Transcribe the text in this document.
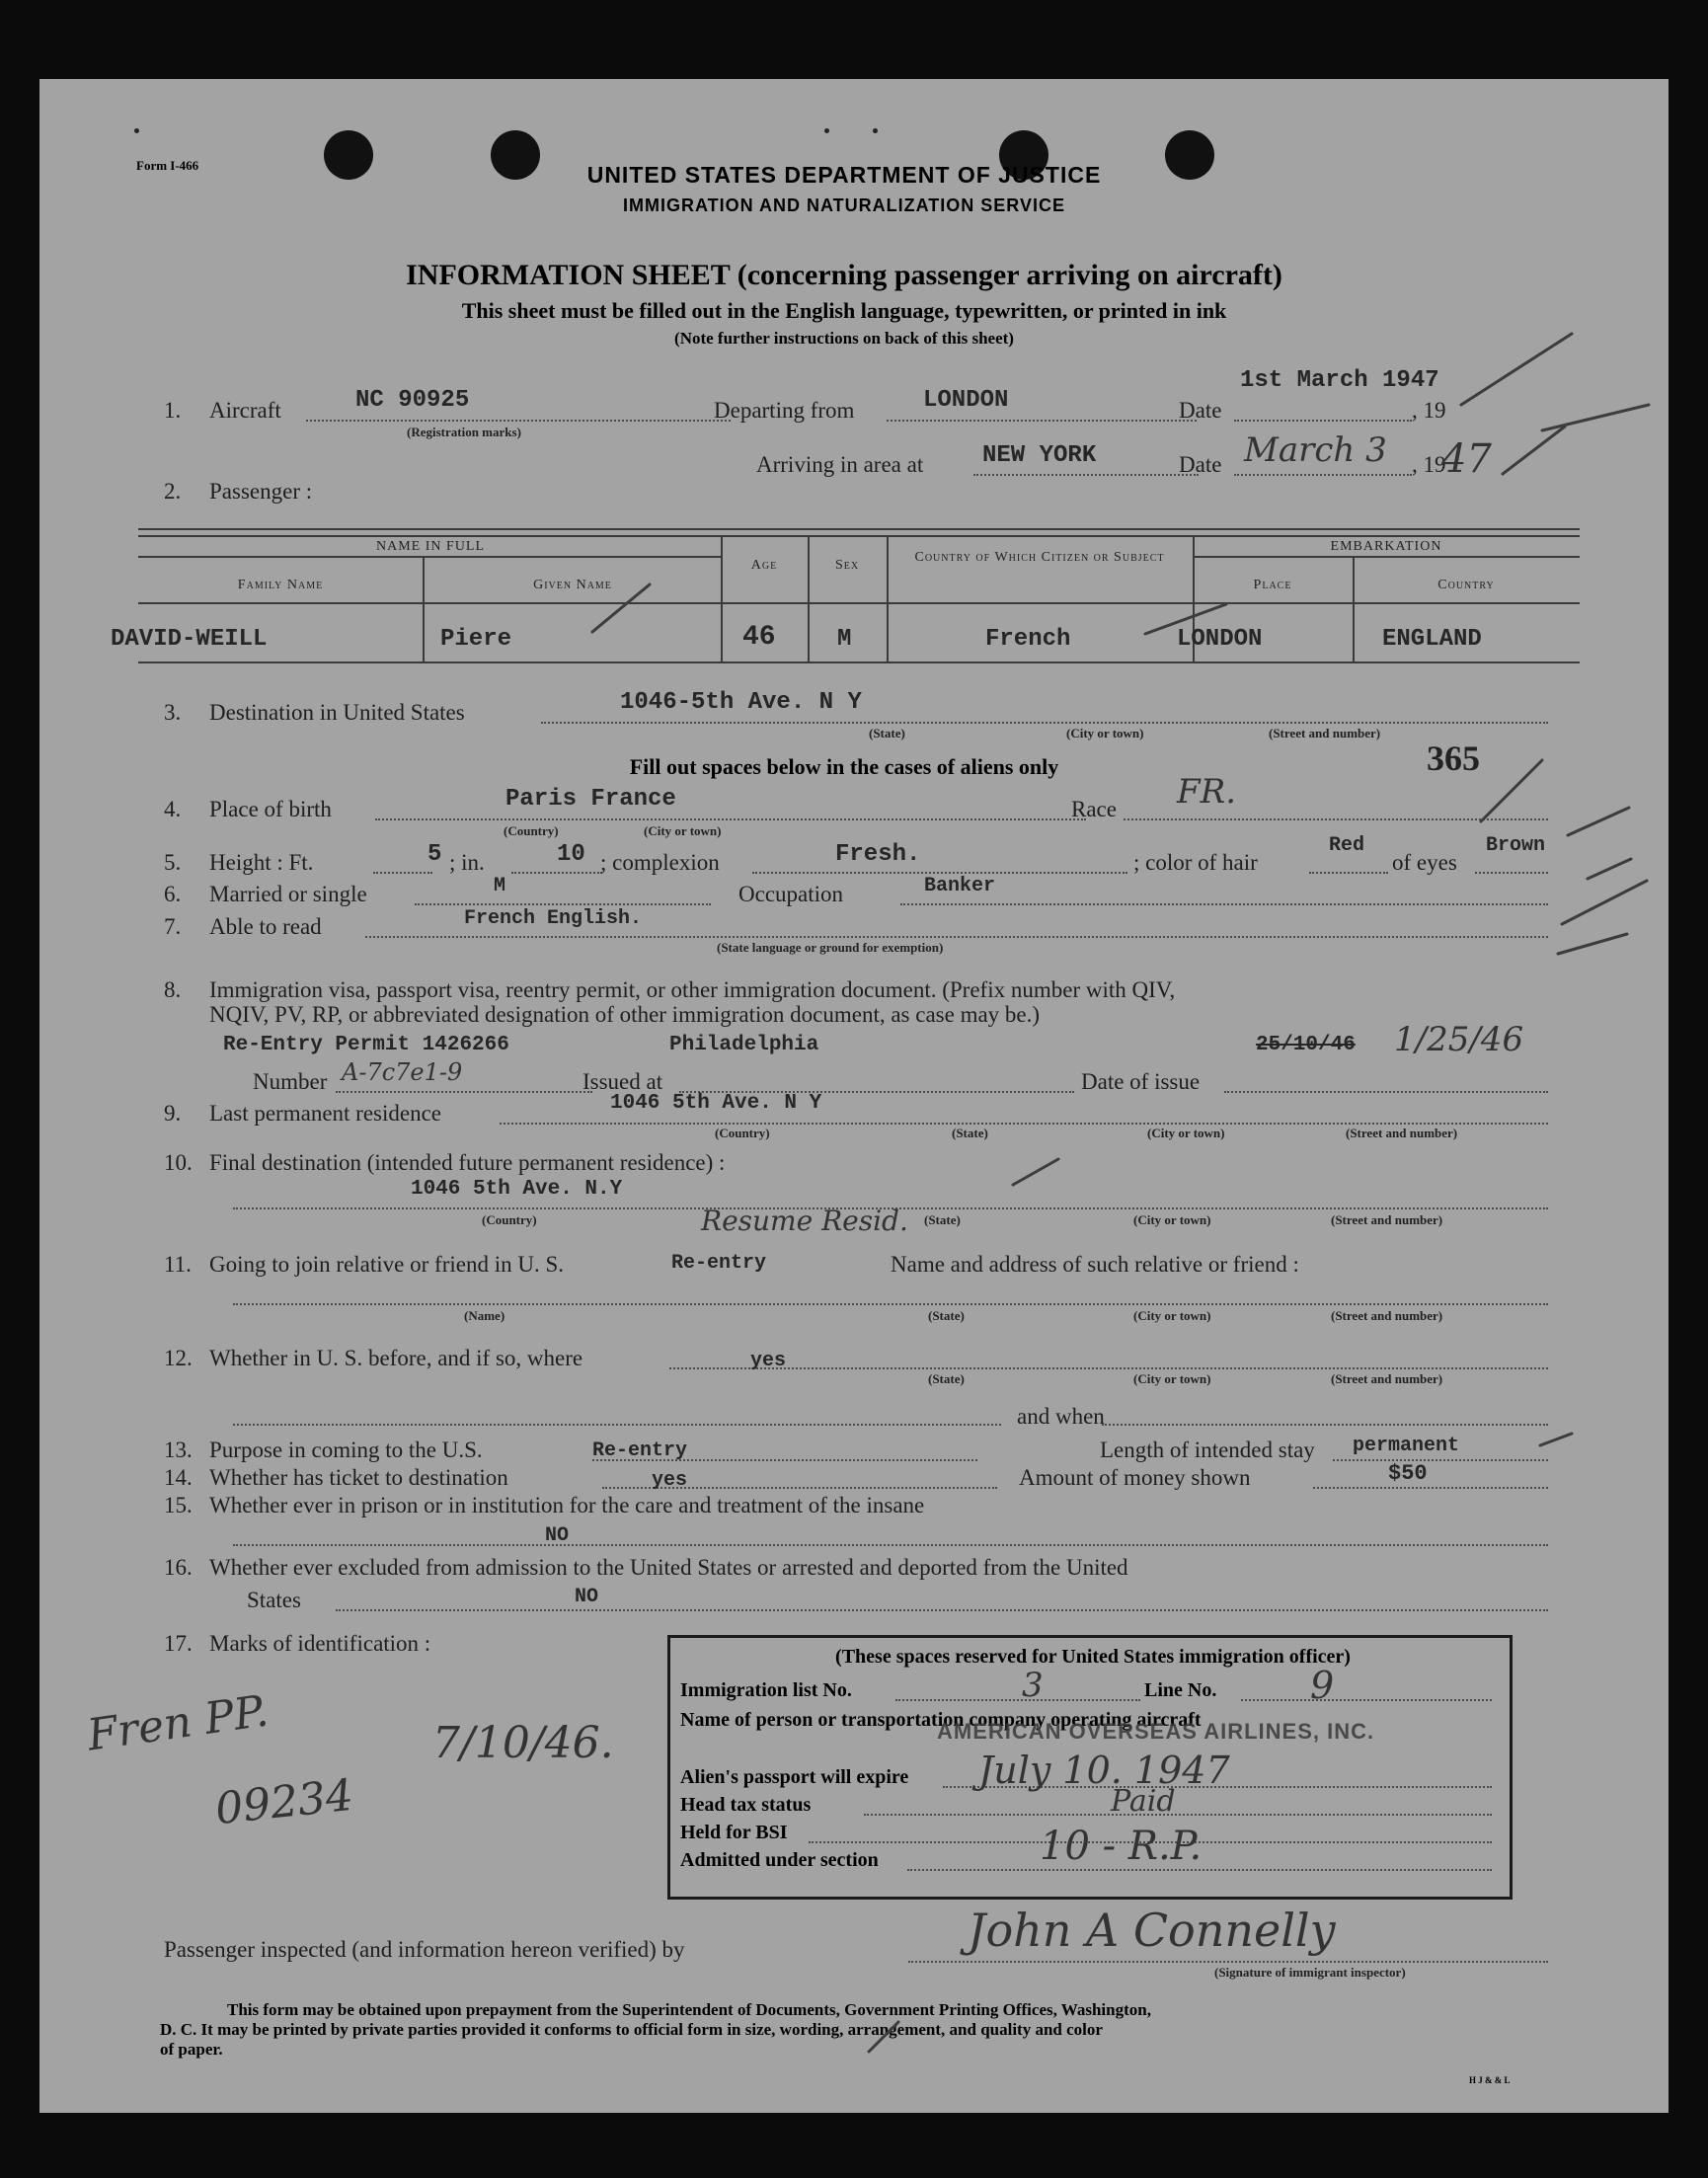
Form I-466	UNITED STATES DEPARTMENT OF JUSTICE
IMMIGRATION AND NATURALIZATION SERVICE
INFORMATION SHEET (concerning passenger arriving on aircraft)
This sheet must be filled out in the English language, typewritten, or printed in ink
(Note further instructions on back of this sheet)
1. Aircraft	NC 90925
(Registration marks)
Departing from	LONDON	Date	, 19
1st March 1947
Arriving in area at NEW YORK	Date	, 19
March 3 47
2. Passenger :
NAME IN FULL
Family Name	Given Name
Age	Sex
Country of Which Citizen or Subject
EMBARKATION
Place	Country
DAVID-WEILL	Piere	46	M	French	LONDON	ENGLAND
3. Destination in United States	1046-5th Ave. N Y
(State)	(City or town)	(Street and number)
365
Fill out spaces below in the cases of aliens only
4. Place of birth	Paris France
(Country)	(City or town)
Race FR.
5. Height : Ft.	5 ; in.	10 ; complexion	Fresh.	; color of hair
Red
of eyes
Brown
6. Married or single	M	Occupation	Banker
7. Able to read	French English.
(State language or ground for exemption)
8. Immigration visa, passport visa, reentry permit, or other immigration document. (Prefix number with QIV,
NQIV, PV, RP, or abbreviated designation of other immigration document, as case may be.)
Re-Entry Permit 1426266	Philadelphia	25/10/46 1/25/46
Number A-7c7e1-9	Issued at	Date of issue
9. Last permanent residence	1046 5th Ave. N Y
(Country)	(State)	(City or town)	(Street and number)
10. Final destination (intended future permanent residence) :
1046 5th Ave. N.Y
Resume Resid.
(Country)	(State)	(City or town)	(Street and number)
11. Going to join relative or friend in U. S.	Re-entry	Name and address of such relative or friend :
(Name)	(State)	(City or town)	(Street and number)
12. Whether in U. S. before, and if so, where	yes
(State)	(City or town)	(Street and number)
and when
13. Purpose in coming to the U.S.	Re-entry	Length of intended stay permanent
14. Whether has ticket to destination	yes	Amount of money shown	$50
15. Whether ever in prison or in institution for the care and treatment of the insane
NO
16. Whether ever excluded from admission to the United States or arrested and deported from the United
States	NO
17. Marks of identification :
Fren PP.
09234
7/10/46.
(These spaces reserved for United States immigration officer)
Immigration list No.	3	Line No. 9
Name of person or transportation company operating aircraft
AMERICAN OVERSEAS AIRLINES, INC.
Alien's passport will expire July 10. 1947
Head tax status	Paid
Held for BSI
Admitted under section	10 - R.P.
Passenger inspected (and information hereon verified) by	John A Connelly
(Signature of immigrant inspector)
This form may be obtained upon prepayment from the Superintendent of Documents, Government Printing Offices, Washington,
D. C. It may be printed by private parties provided it conforms to official form in size, wording, arrangement, and quality and color
of paper.
H J & & L
